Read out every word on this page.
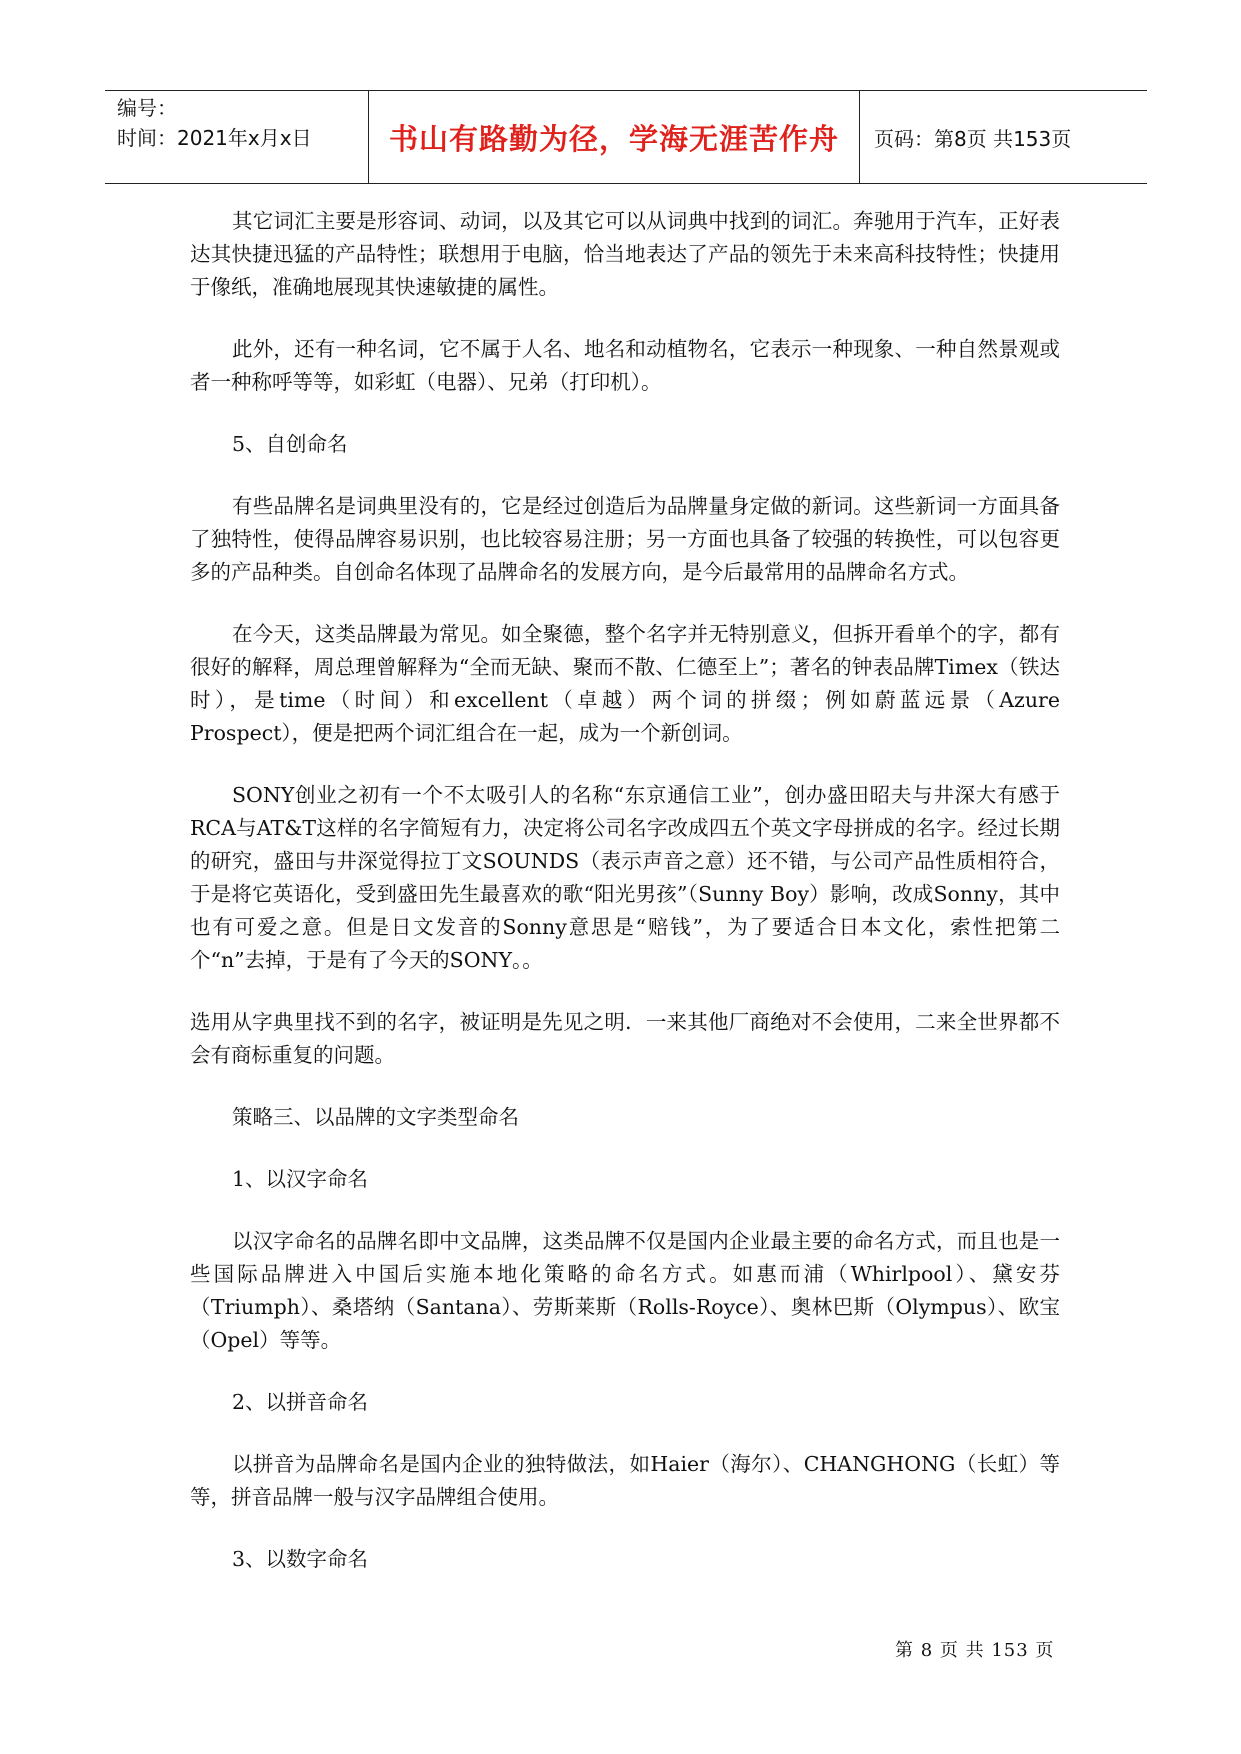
编号：
时间：2021年x月x日	书山有路勤为径，学海无涯苦作舟	页码：第8页 共153页

其它词汇主要是形容词、动词，以及其它可以从词典中找到的词汇。奔驰用于汽车，正好表达其快捷迅猛的产品特性；联想用于电脑，恰当地表达了产品的领先于未来高科技特性；快捷用于像纸，准确地展现其快速敏捷的属性。

此外，还有一种名词，它不属于人名、地名和动植物名，它表示一种现象、一种自然景观或者一种称呼等等，如彩虹（电器）、兄弟（打印机）。

5、自创命名

有些品牌名是词典里没有的，它是经过创造后为品牌量身定做的新词。这些新词一方面具备了独特性，使得品牌容易识别，也比较容易注册；另一方面也具备了较强的转换性，可以包容更多的产品种类。自创命名体现了品牌命名的发展方向，是今后最常用的品牌命名方式。

在今天，这类品牌最为常见。如全聚德，整个名字并无特别意义，但拆开看单个的字，都有很好的解释，周总理曾解释为“全而无缺、聚而不散、仁德至上”；著名的钟表品牌Timex（铁达时），是time（时间）和excellent（卓越）两个词的拼缀；例如蔚蓝远景（Azure Prospect），便是把两个词汇组合在一起，成为一个新创词。

SONY创业之初有一个不太吸引人的名称“东京通信工业”，创办盛田昭夫与井深大有感于RCA与AT&T这样的名字简短有力，决定将公司名字改成四五个英文字母拼成的名字。经过长期的研究，盛田与井深觉得拉丁文SOUNDS（表示声音之意）还不错，与公司产品性质相符合，于是将它英语化，受到盛田先生最喜欢的歌“阳光男孩”（Sunny Boy）影响，改成Sonny，其中也有可爱之意。但是日文发音的Sonny意思是“赔钱”，为了要适合日本文化，索性把第二个“n”去掉，于是有了今天的SONY。。

选用从字典里找不到的名字，被证明是先见之明．一来其他厂商绝对不会使用，二来全世界都不会有商标重复的问题。

策略三、以品牌的文字类型命名

1、以汉字命名

以汉字命名的品牌名即中文品牌，这类品牌不仅是国内企业最主要的命名方式，而且也是一些国际品牌进入中国后实施本地化策略的命名方式。如惠而浦（Whirlpool）、黛安芬（Triumph）、桑塔纳（Santana）、劳斯莱斯（Rolls-Royce）、奥林巴斯（Olympus）、欧宝（Opel）等等。

2、以拼音命名

以拼音为品牌命名是国内企业的独特做法，如Haier（海尔）、CHANGHONG（长虹）等等，拼音品牌一般与汉字品牌组合使用。

3、以数字命名

第 8 页 共 153 页
